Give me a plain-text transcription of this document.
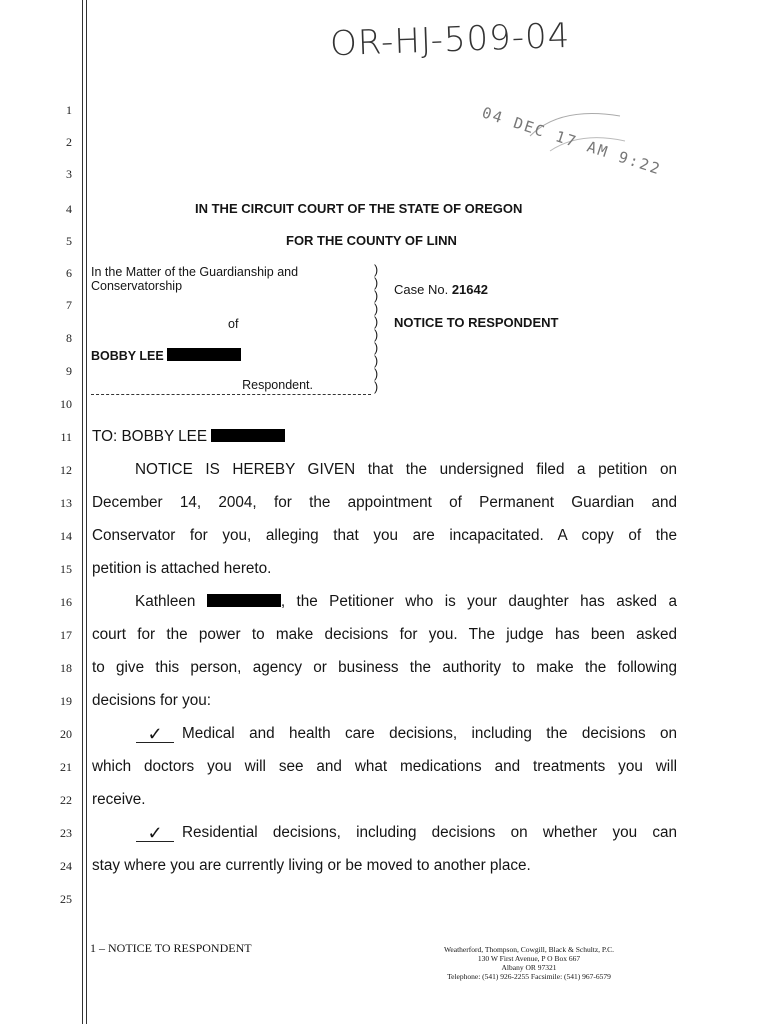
OR-HJ-509-04
04 DEC 17 AM 9:22
1
2
3
4
5
6
7
8
9
10
11
12
13
14
15
16
17
18
19
20
21
22
23
24
25
IN THE CIRCUIT COURT OF THE STATE OF OREGON
FOR THE COUNTY OF LINN
In the Matter of the Guardianship and
Conservatorship
of
BOBBY LEE
Respondent.
)
)
)
)
)
)
)
)
)
)
Case No. 21642
NOTICE TO RESPONDENT
TO: BOBBY LEE
NOTICE IS HEREBY GIVEN that the undersigned filed a petition on
December 14, 2004, for the appointment of Permanent Guardian and
Conservator for you, alleging that you are incapacitated. A copy of the
petition is attached hereto.
Kathleen	, the Petitioner who is your daughter has asked a
court for the power to make decisions for you. The judge has been asked
to give this person, agency or business the authority to make the following
decisions for you:
✓	Medical and health care decisions, including the decisions on
which doctors you will see and what medications and treatments you will
receive.
✓	Residential decisions, including decisions on whether you can
stay where you are currently living or be moved to another place.
1 – NOTICE TO RESPONDENT	Weatherford, Thompson, Cowgill, Black & Schultz, P.C.
130 W First Avenue, P O Box 667
Albany OR 97321
Telephone: (541) 926-2255 Facsimile: (541) 967-6579
